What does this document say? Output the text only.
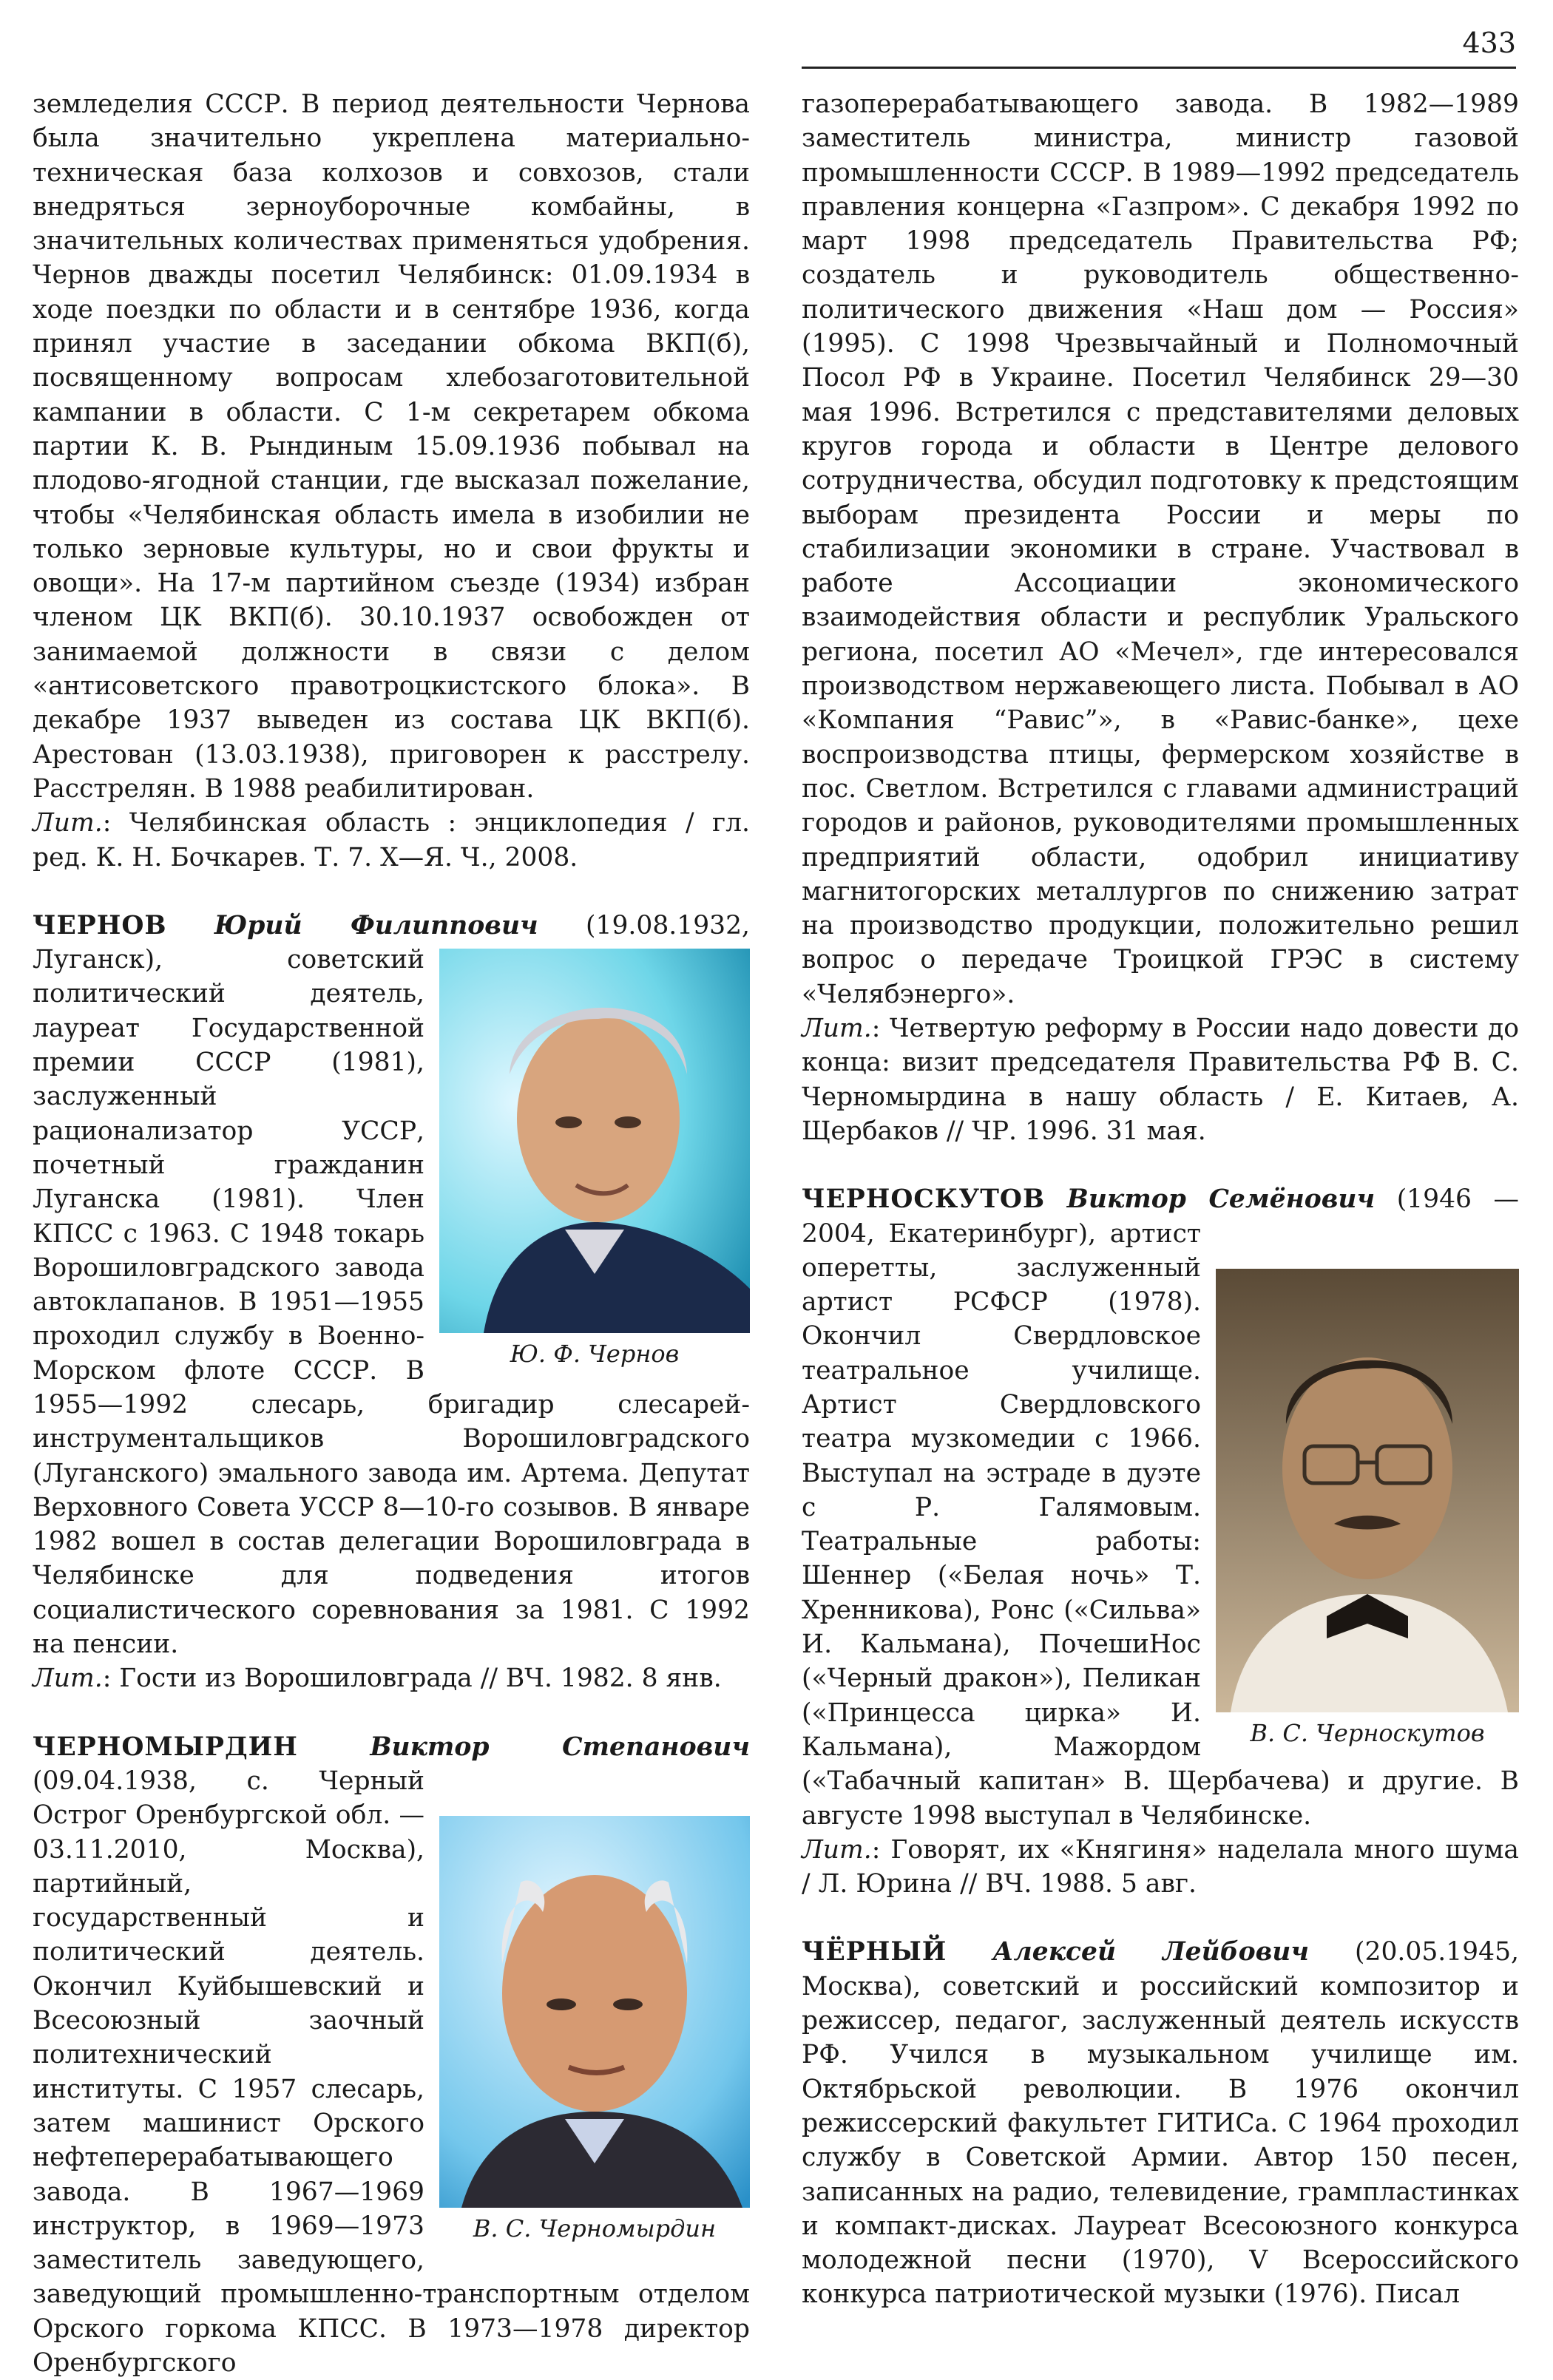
433

земледелия СССР. В период деятельности Чернова была значительно укреплена материально-техническая база колхозов и совхозов, стали внедряться зерноуборочные комбайны, в значительных количествах применяться удобрения. Чернов дважды посетил Челябинск: 01.09.1934 в ходе поездки по области и в сентябре 1936, когда принял участие в заседании обкома ВКП(б), посвященному вопросам хлебозаготовительной кампании в области. С 1-м секретарем обкома партии К. В. Рындиным 15.09.1936 побывал на плодово-ягодной станции, где высказал пожелание, чтобы «Челябинская область имела в изобилии не только зерновые культуры, но и свои фрукты и овощи». На 17-м партийном съезде (1934) избран членом ЦК ВКП(б). 30.10.1937 освобожден от занимаемой должности в связи с делом «антисоветского правотроцкистского блока». В декабре 1937 выведен из состава ЦК ВКП(б). Арестован (13.03.1938), приговорен к расстрелу. Расстрелян. В 1988 реабилитирован.

Лит.: Челябинская область : энциклопедия / гл. ред. К. Н. Бочкарев. Т. 7. Х—Я. Ч., 2008.

ЧЕРНОВ Юрий Филиппович
Ю. Ф. Чернов
(19.08.1932, Луганск), советский политический деятель, лауреат Государственной премии СССР (1981), заслуженный рационализатор УССР, почетный гражданин Луганска (1981). Член КПСС с 1963. С 1948 токарь Ворошиловградского завода автоклапанов. В 1951—1955 проходил службу в Военно-Морском флоте СССР. В 1955—1992 слесарь, бригадир слесарей-инструментальщиков Ворошиловградского (Луганского) эмального завода им. Артема. Депутат Верховного Совета УССР 8—10-го созывов. В январе 1982 вошел в состав делегации Ворошиловграда в Челябинске для подведения итогов социалистического соревнования за 1981. С 1992 на пенсии.

Лит.: Гости из Ворошиловграда // ВЧ. 1982. 8 янв.

ЧЕРНОМЫРДИН	Виктор Степанович
В. С. Черномырдин
(09.04.1938, с. Черный Острог Оренбургской обл. — 03.11.2010, Москва), партийный, государственный и политический деятель. Окончил Куйбышевский и Всесоюзный заочный политехнический институты. С 1957 слесарь, затем машинист Орского нефтеперерабатывающего завода. В 1967—1969 инструктор, в 1969—1973 заместитель заведующего, заведующий промышленно-транспортным отделом Орского горкома КПСС. В 1973—1978 директор Оренбургского

газоперерабатывающего завода. В 1982—1989 заместитель министра, министр газовой промышленности СССР. В 1989—1992 председатель правления концерна «Газпром». С декабря 1992 по март 1998 председатель Правительства РФ; создатель и руководитель общественно-политического движения «Наш дом — Россия» (1995). С 1998 Чрезвычайный и Полномочный Посол РФ в Украине. Посетил Челябинск 29—30 мая 1996. Встретился с представителями деловых кругов города и области в Центре делового сотрудничества, обсудил подготовку к предстоящим выборам президента России и меры по стабилизации экономики в стране. Участвовал в работе Ассоциации экономического взаимодействия области и республик Уральского региона, посетил АО «Мечел», где интересовался производством нержавеющего листа. Побывал в АО «Компания “Равис”», в «Равис-банке», цехе воспроизводства птицы, фермерском хозяйстве в пос. Светлом. Встретился с главами администраций городов и районов, руководителями промышленных предприятий области, одобрил инициативу магнитогорских металлургов по снижению затрат на производство продукции, положительно решил вопрос о передаче Троицкой ГРЭС в систему «Челябэнерго».

Лит.: Четвертую реформу в России надо довести до конца: визит председателя Правительства РФ В. С. Черномырдина в нашу область / Е. Китаев, А. Щербаков // ЧР. 1996. 31 мая.

ЧЕРНОСКУТОВ Виктор Семёнович
В. С. Черноскутов
(1946 — 2004, Екатеринбург), артист оперетты, заслуженный артист РСФСР (1978). Окончил Свердловское театральное училище. Артист Свердловского театра музкомедии с 1966. Выступал на эстраде в дуэте с Р. Галямовым. Театральные работы: Шеннер («Белая ночь» Т. Хренникова), Ронс («Сильва» И. Кальмана), ПочешиНос («Черный дракон»), Пеликан («Принцесса цирка» И. Кальмана), Мажордом («Табачный капитан» В. Щербачева) и другие. В августе 1998 выступал в Челябинске.

Лит.: Говорят, их «Княгиня» наделала много шума / Л. Юрина // ВЧ. 1988. 5 авг.

ЧЁРНЫЙ Алексей Лейбович (20.05.1945, Москва), советский и российский композитор и режиссер, педагог, заслуженный деятель искусств РФ. Учился в музыкальном училище им. Октябрьской революции. В 1976 окончил режиссерский факультет ГИТИСа. С 1964 проходил службу в Советской Армии. Автор 150 песен, записанных на радио, телевидение, грампластинках и компакт-дисках. Лауреат Всесоюзного конкурса молодежной песни (1970), V Всероссийского конкурса патриотической музыки (1976). Писал
